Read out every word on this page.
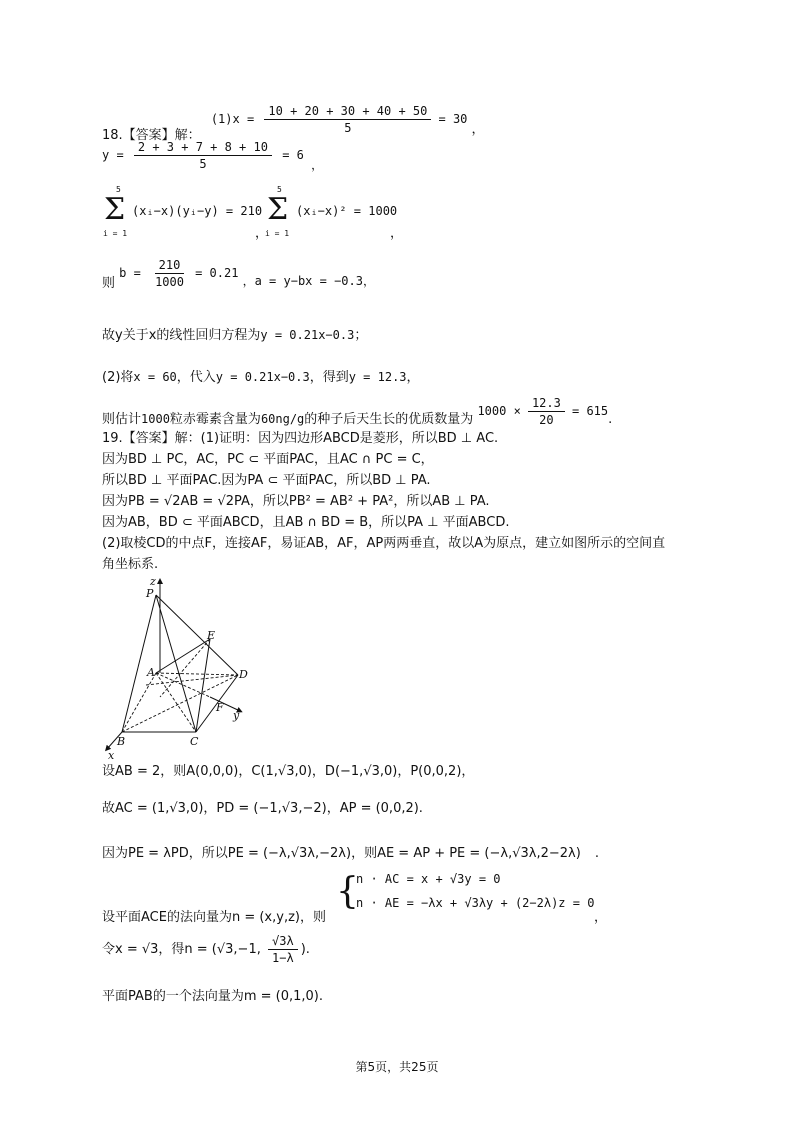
18.【答案】解： $(1)x = \frac{10 + 20 + 30 + 40 + 50}{5} = 30$ ，
$y = \frac{2 + 3 + 7 + 8 + 10}{5} = 6$ ，
5
Σ
i = 1
(xᵢ−x)(yᵢ−y) = 210
，
5
Σ
i = 1
(xᵢ−x)² = 1000
，
则 $b = \frac{210}{1000} = 0.21$ ，a = y−bx = −0.3，
故y关于x的线性回归方程为y = 0.21x−0.3；
(2)将x = 60，代入y = 0.21x−0.3，得到y = 12.3，
则估计1000粒赤霉素含量为60ng/g的种子后天生长的优质数量为 $1000 \times \frac{12.3}{20} = 615$.
19.【答案】解：(1)证明：因为四边形ABCD是菱形，所以BD ⊥ AC.
因为BD ⊥ PC，AC，PC ⊂ 平面PAC，且AC ∩ PC = C，
所以BD ⊥ 平面PAC.因为PA ⊂ 平面PAC，所以BD ⊥ PA.
因为PB = √2AB = √2PA，所以PB² = AB² + PA²，所以AB ⊥ PA.
因为AB，BD ⊂ 平面ABCD，且AB ∩ BD = B，所以PA ⊥ 平面ABCD.
(2)取棱CD的中点F，连接AF，易证AB，AF，AP两两垂直，故以A为原点，建立如图所示的空间直
角坐标系.
z
P
E
A	D
F
y
B	C
x
设AB = 2，则A(0,0,0)，C(1,√3,0)，D(−1,√3,0)，P(0,0,2)，
故AC = (1,√3,0)，PD = (−1,√3,−2)，AP = (0,0,2).
因为PE = λPD，所以PE = (−λ,√3λ,−2λ)，则AE = AP + PE = (−λ,√3λ,2−2λ) .
设平面ACE的法向量为n = (x,y,z)，则
{
n · AC = x + √3y = 0
n · AE = −λx + √3λy + (2−2λ)z = 0
，
令x = √3，得n = (√3,−1, $\frac{√3\lambda}{1-\lambda}$ ).
平面PAB的一个法向量为m = (0,1,0).
第5页，共25页
